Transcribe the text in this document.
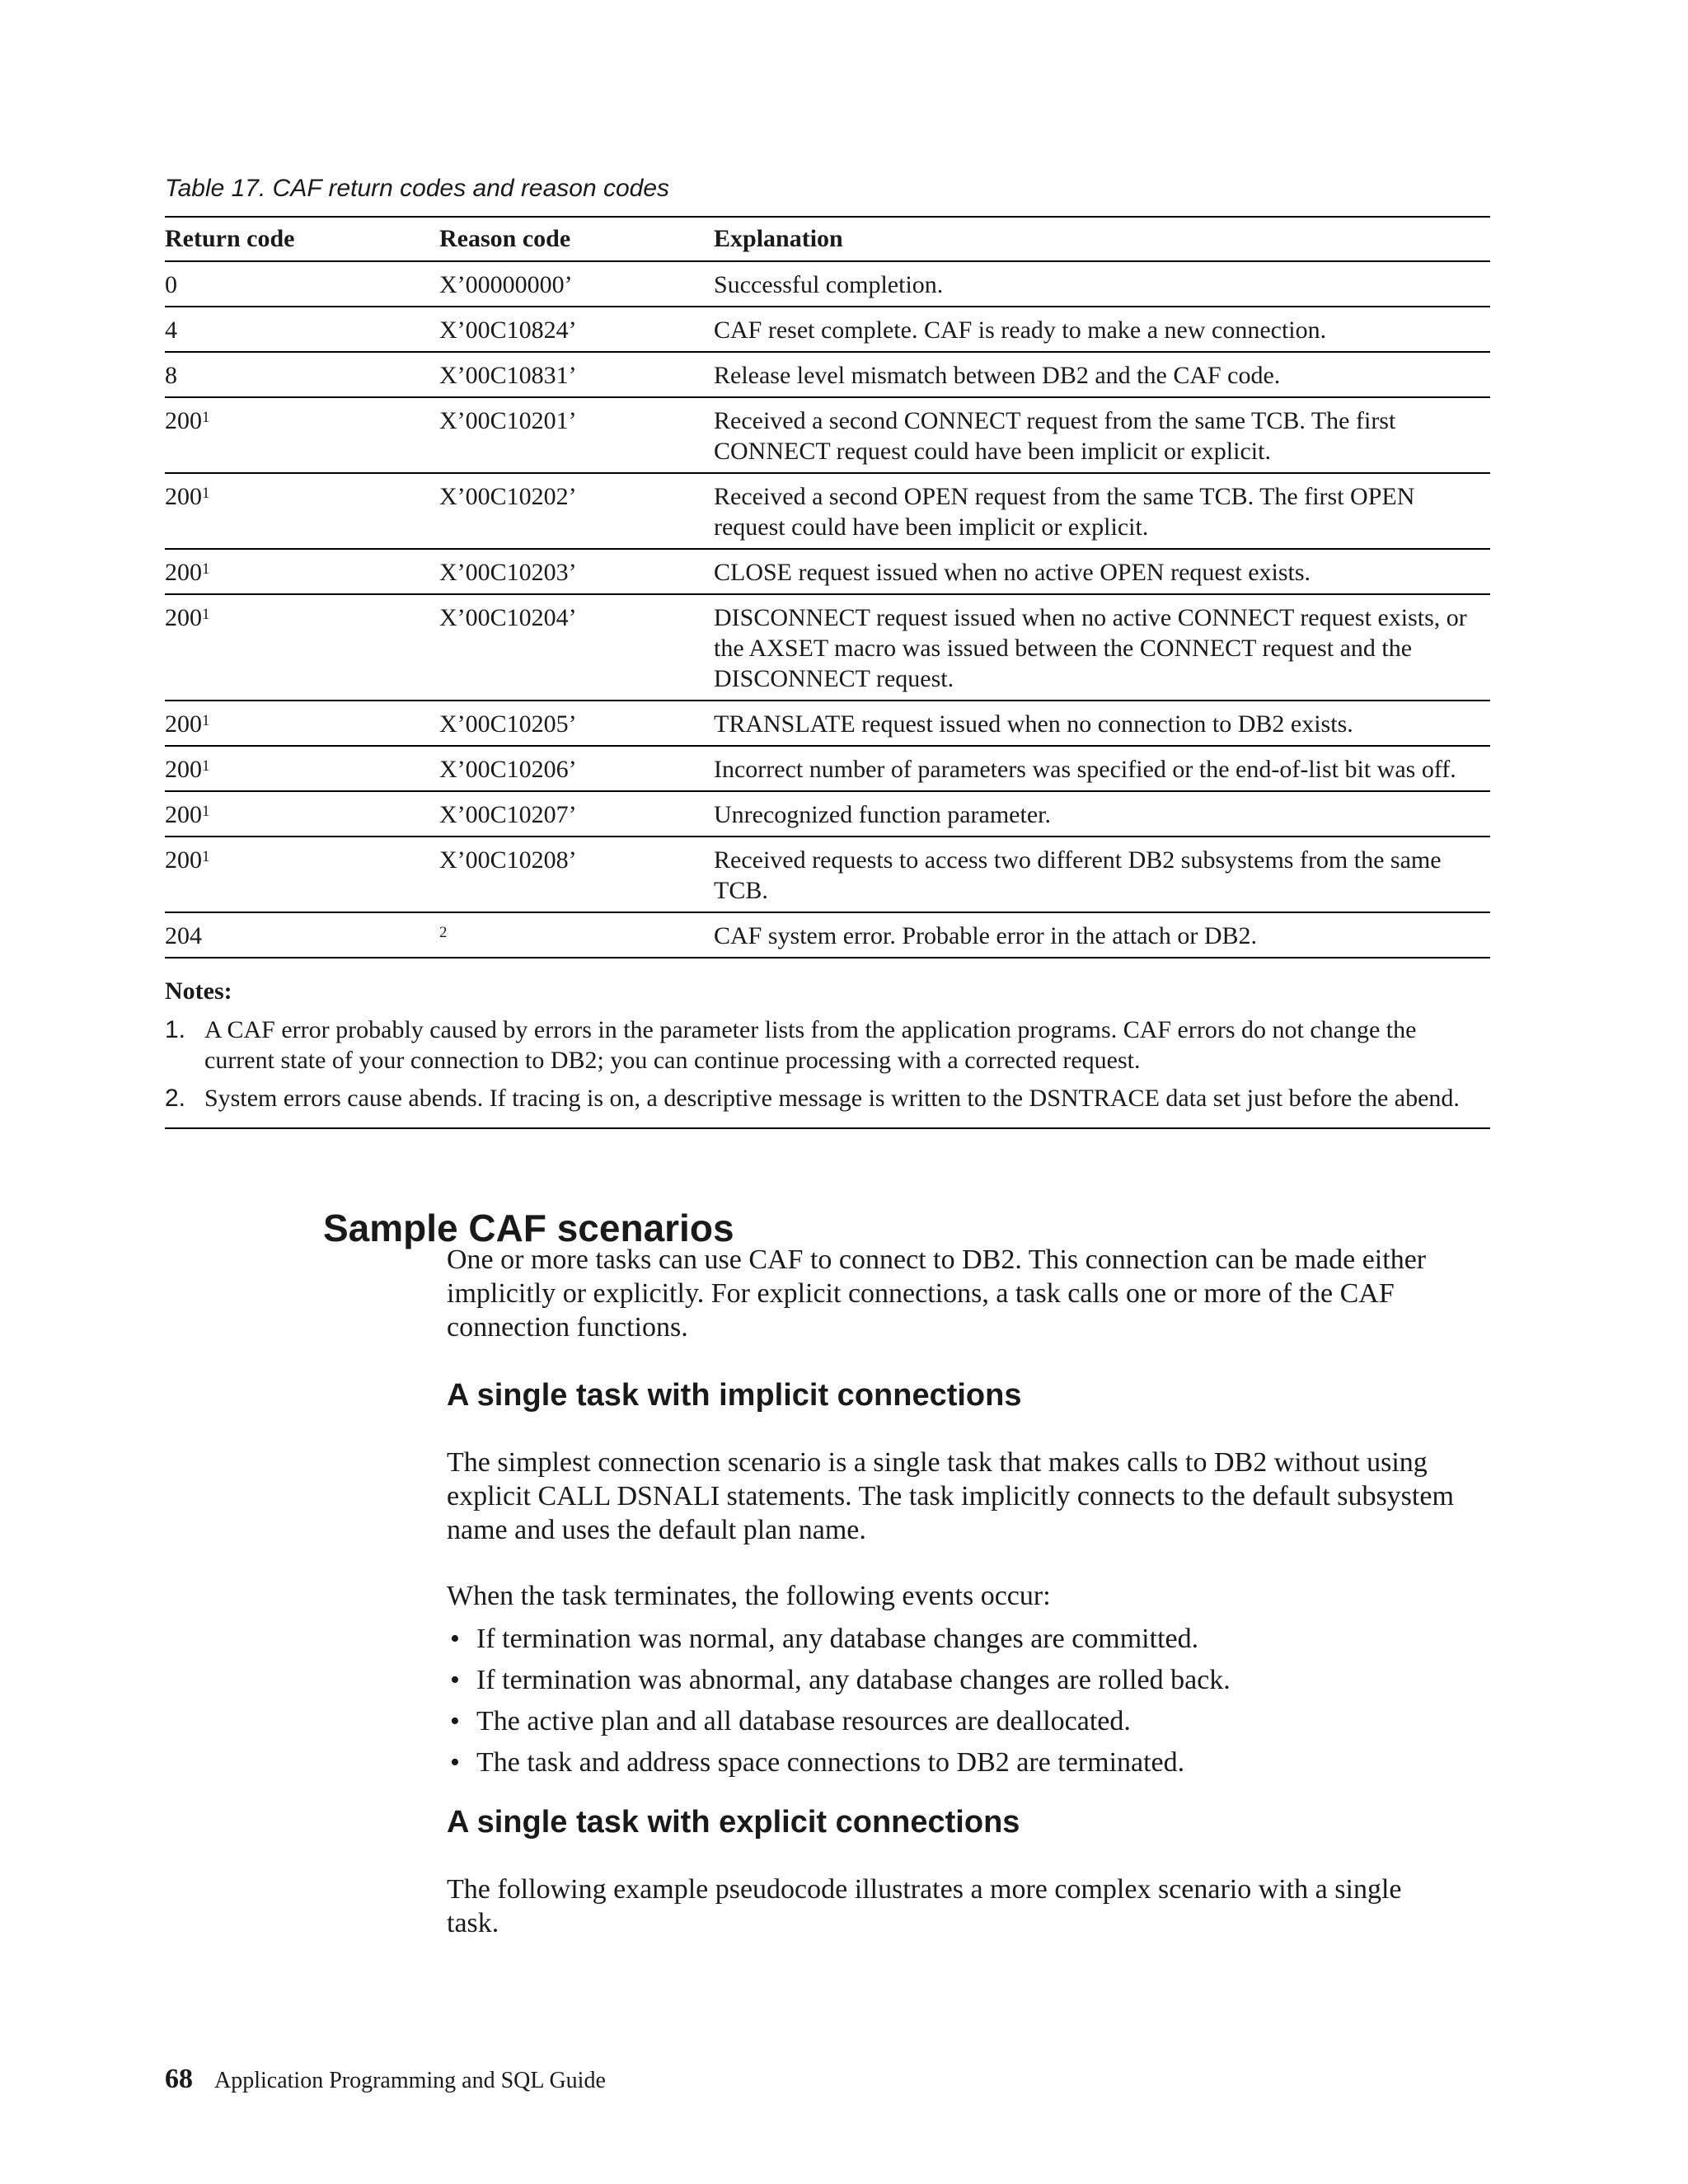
Table 17. CAF return codes and reason codes
Return code	Reason code	Explanation
0	X’00000000’	Successful completion.
4	X’00C10824’	CAF reset complete. CAF is ready to make a new connection.
8	X’00C10831’	Release level mismatch between DB2 and the CAF code.
200$^1$	X’00C10201’	Received a second CONNECT request from the same TCB. The first CONNECT request could have been implicit or explicit.
200$^1$	X’00C10202’	Received a second OPEN request from the same TCB. The first OPEN request could have been implicit or explicit.
200$^1$	X’00C10203’	CLOSE request issued when no active OPEN request exists.
200$^1$	X’00C10204’	DISCONNECT request issued when no active CONNECT request exists, or the AXSET macro was issued between the CONNECT request and the DISCONNECT request.
200$^1$	X’00C10205’	TRANSLATE request issued when no connection to DB2 exists.
200$^1$	X’00C10206’	Incorrect number of parameters was specified or the end-of-list bit was off.
200$^1$	X’00C10207’	Unrecognized function parameter.
200$^1$	X’00C10208’	Received requests to access two different DB2 subsystems from the same TCB.
204	$^2$	CAF system error. Probable error in the attach or DB2.
Notes:
1. A CAF error probably caused by errors in the parameter lists from the application programs. CAF errors do not change the current state of your connection to DB2; you can continue processing with a corrected request.
2. System errors cause abends. If tracing is on, a descriptive message is written to the DSNTRACE data set just before the abend.
Sample CAF scenarios

One or more tasks can use CAF to connect to DB2. This connection can be made either implicitly or explicitly. For explicit connections, a task calls one or more of the CAF connection functions.

A single task with implicit connections

The simplest connection scenario is a single task that makes calls to DB2 without using explicit CALL DSNALI statements. The task implicitly connects to the default subsystem name and uses the default plan name.

When the task terminates, the following events occur:

• If termination was normal, any database changes are committed.
• If termination was abnormal, any database changes are rolled back.
• The active plan and all database resources are deallocated.
• The task and address space connections to DB2 are terminated.
A single task with explicit connections

The following example pseudocode illustrates a more complex scenario with a single task.

68 Application Programming and SQL Guide
